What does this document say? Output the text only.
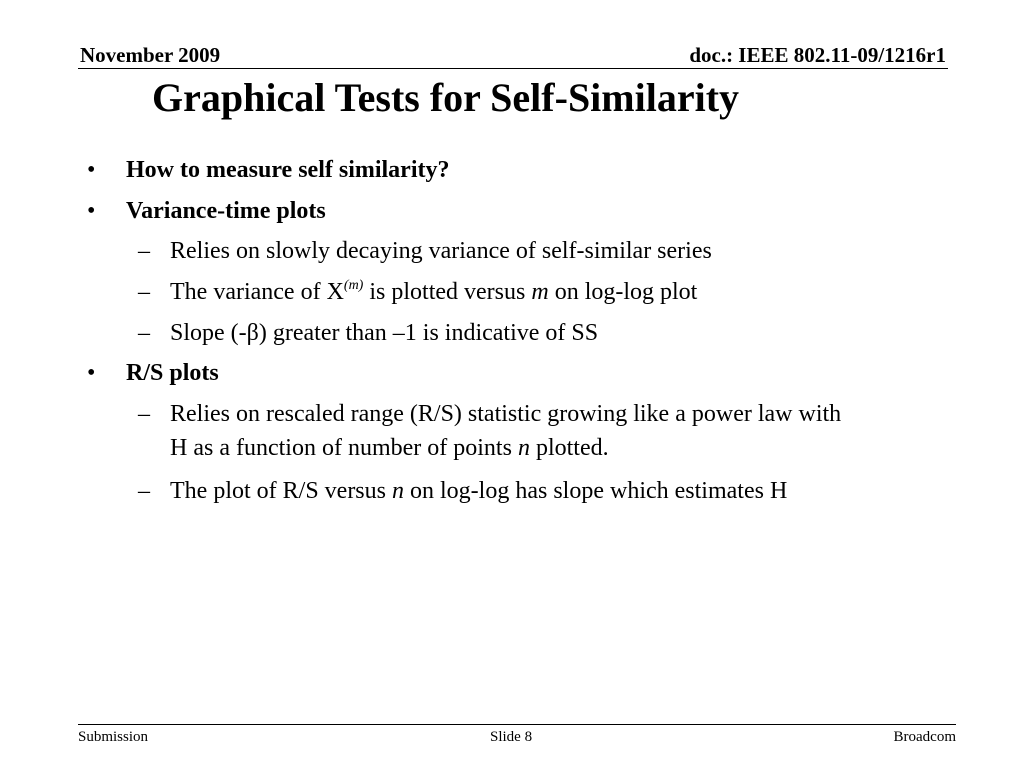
November 2009	doc.: IEEE 802.11-09/1216r1
Graphical Tests for Self-Similarity
• How to measure self similarity?
• Variance-time plots
– Relies on slowly decaying variance of self-similar series
– The variance of $X^{(m)}$ is plotted versus m on log-log plot
– Slope (-β) greater than –1 is indicative of SS
• R/S plots
– Relies on rescaled range (R/S) statistic growing like a power law with
H as a function of number of points n plotted.
– The plot of R/S versus n on log-log has slope which estimates H
Submission	Slide 8	Broadcom
